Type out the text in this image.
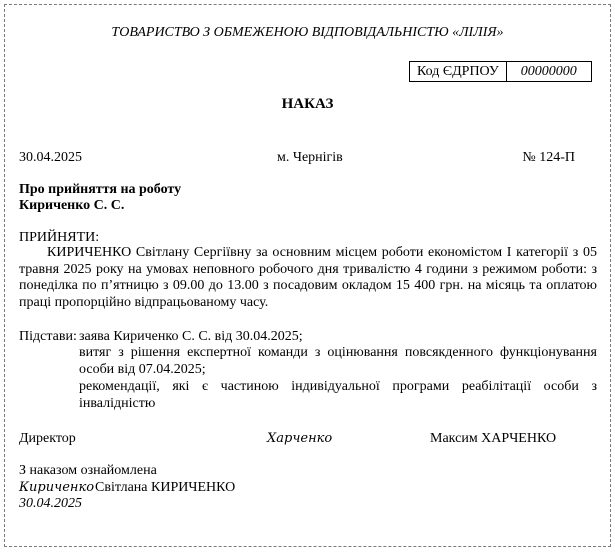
ТОВАРИСТВО З ОБМЕЖЕНОЮ ВІДПОВІДАЛЬНІСТЮ «ЛІЛІЯ»
Код ЄДРПОУ	00000000
НАКАЗ
30.04.2025	м. Чернігів	№ 124-П
Про прийняття на роботу
Кириченко С. С.
ПРИЙНЯТИ:
КИРИЧЕНКО Світлану Сергіївну за основним місцем роботи економістом І категорії з 05 травня 2025 року на умовах неповного робочого дня тривалістю 4 години з режимом роботи: з понеділка по п’ятницю з 09.00 до 13.00 з посадовим окладом 15 400 грн. на місяць та оплатою праці пропорційно відпрацьованому часу.
Підстави: заява Кириченко С. С. від 30.04.2025;
витяг з рішення експертної команди з оцінювання повсякденного функціонування особи від 07.04.2025;
рекомендації, які є частиною індивідуальної програми реабілітації особи з інвалідністю
Директор	Харченко	Максим ХАРЧЕНКО
З наказом ознайомлена
Кириченко Світлана КИРИЧЕНКО
30.04.2025
